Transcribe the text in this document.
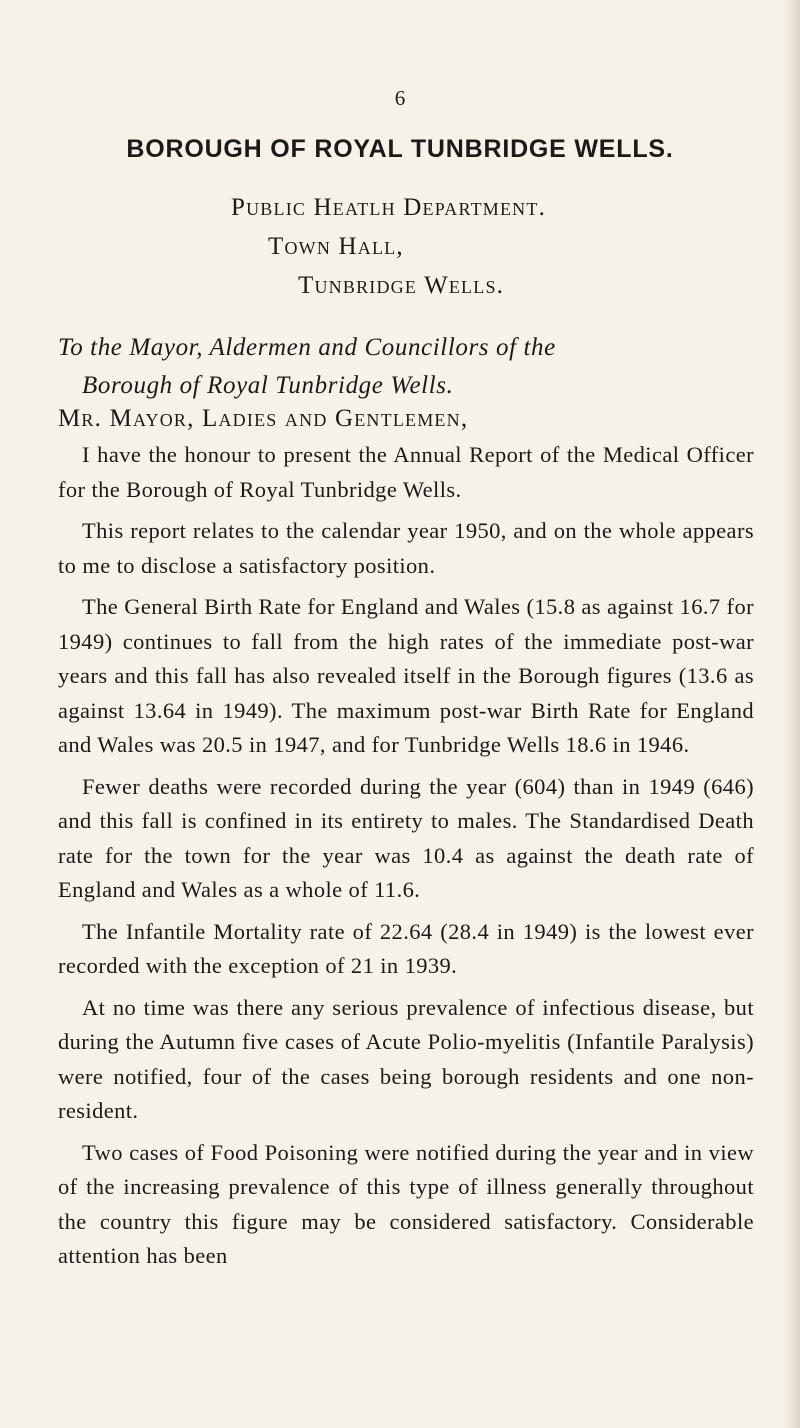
6
BOROUGH OF ROYAL TUNBRIDGE WELLS.
Public Heatlh Department.
Town Hall,
Tunbridge Wells.
To the Mayor, Aldermen and Councillors of the
Borough of Royal Tunbridge Wells.
Mr. Mayor, Ladies and Gentlemen,

I have the honour to present the Annual Report of the Medical Officer for the Borough of Royal Tunbridge Wells.

This report relates to the calendar year 1950, and on the whole appears to me to disclose a satisfactory position.

The General Birth Rate for England and Wales (15.8 as against 16.7 for 1949) continues to fall from the high rates of the immediate post-war years and this fall has also revealed itself in the Borough figures (13.6 as against 13.64 in 1949). The maximum post-war Birth Rate for England and Wales was 20.5 in 1947, and for Tunbridge Wells 18.6 in 1946.

Fewer deaths were recorded during the year (604) than in 1949 (646) and this fall is confined in its entirety to males. The Standardised Death rate for the town for the year was 10.4 as against the death rate of England and Wales as a whole of 11.6.

The Infantile Mortality rate of 22.64 (28.4 in 1949) is the lowest ever recorded with the exception of 21 in 1939.

At no time was there any serious prevalence of infectious disease, but during the Autumn five cases of Acute Polio-myelitis (Infantile Paralysis) were notified, four of the cases being borough residents and one non-resident.

Two cases of Food Poisoning were notified during the year and in view of the increasing prevalence of this type of illness generally throughout the country this figure may be considered satisfactory. Considerable attention has been
